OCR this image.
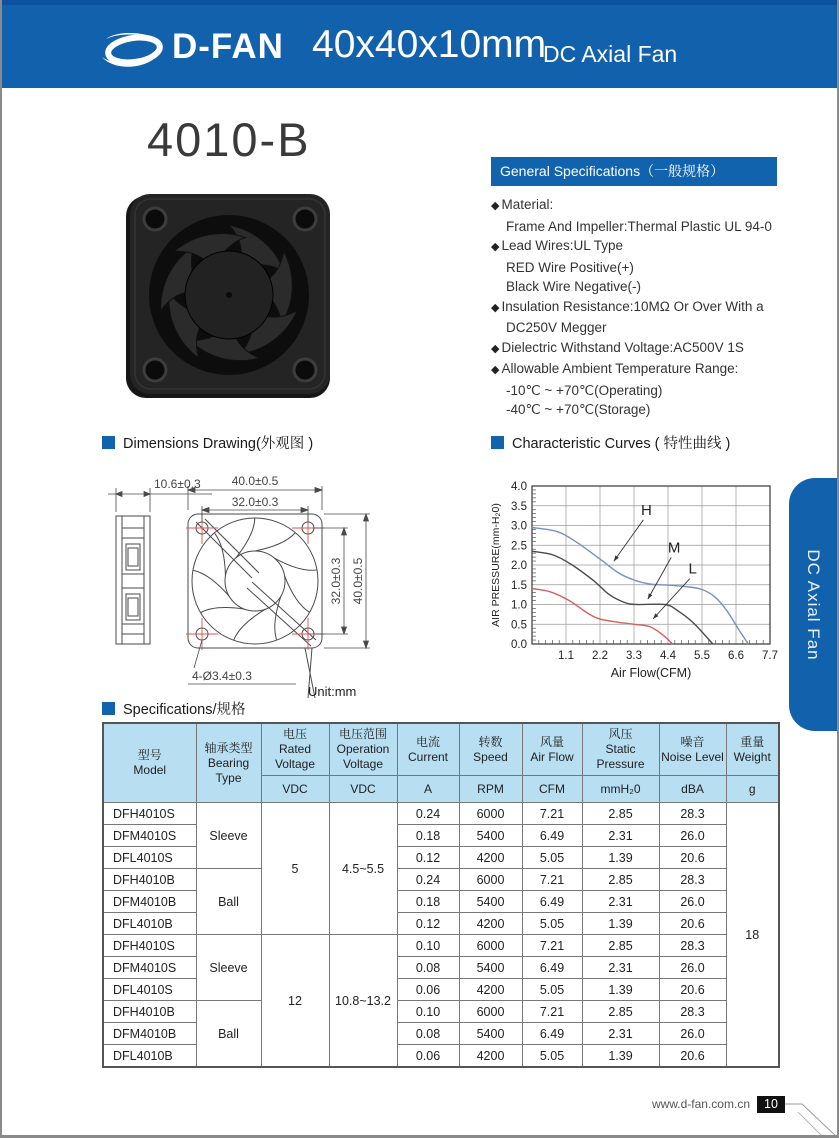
D-FAN 40x40x10mm
DC Axial Fan
4010-B
General Specifications（一般规格）
◆ Material:
Frame And Impeller:Thermal Plastic UL 94-0
◆ Lead Wires:UL Type
RED Wire Positive(+)
Black Wire Negative(-)
◆ Insulation Resistance:10MΩ Or Over With a
DC250V Megger
◆ Dielectric Withstand Voltage:AC500V 1S
◆ Allowable Ambient Temperature Range:
-10℃ ~ +70℃(Operating)
-40℃ ~ +70℃(Storage)
Dimensions Drawing(外观图 )	Characteristic Curves ( 特性曲线 )
Specifications/规格
10.6±0.3	40.0±0.5
32.0±0.3
32.0±0.3 40.0±0.5
4-Ø3.4±0.3
Unit:mm
1.1 2.2 3.3 4.4 5.5 6.6 7.7
0.0
0.5
1.0
1.5
2.0
2.5
3.0
3.5
4.0
Air Flow(CFM)
AIR PRESSURE(mm-H₂0)	H
M
L	DC Axial Fan
型号
Model	轴承类型
Bearing
Type	电压
Rated
Voltage	电压范围
Operation
Voltage	电流
Current	转数
Speed	风量
Air Flow	风压
Static
Pressure	噪音
Noise Level	重量
Weight
		VDC	VDC	A	RPM	CFM	mmH₂0	dBA	g
DFH4010S	Sleeve	5	4.5~5.5	0.24	6000	7.21	2.85	28.3	18
DFM4010S				0.18	5400	6.49	2.31	26.0	
DFL4010S				0.12	4200	5.05	1.39	20.6	
DFH4010B	Ball			0.24	6000	7.21	2.85	28.3	
DFM4010B				0.18	5400	6.49	2.31	26.0	
DFL4010B				0.12	4200	5.05	1.39	20.6	
DFH4010S	Sleeve	12	10.8~13.2	0.10	6000	7.21	2.85	28.3	
DFM4010S				0.08	5400	6.49	2.31	26.0	
DFL4010S				0.06	4200	5.05	1.39	20.6	
DFH4010B	Ball			0.10	6000	7.21	2.85	28.3	
DFM4010B				0.08	5400	6.49	2.31	26.0	
DFL4010B				0.06	4200	5.05	1.39	20.6	
www.d-fan.com.cn	10
